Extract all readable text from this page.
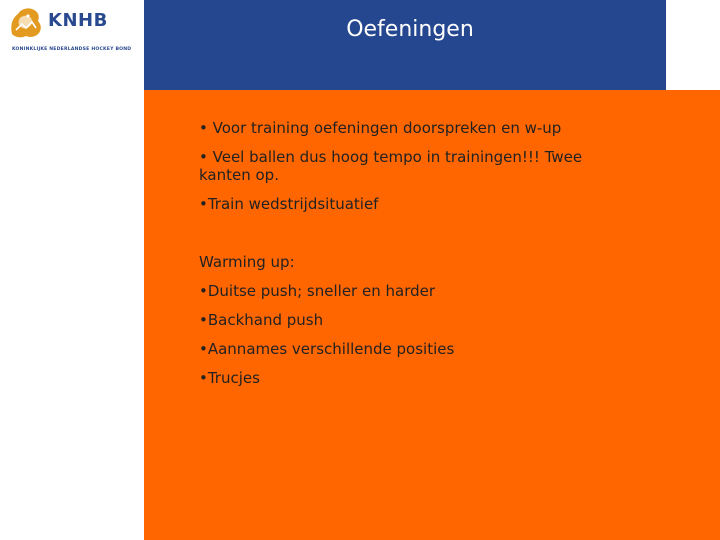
KNHB
KONINKLIJKE NEDERLANDSE HOCKEY BOND
Oefeningen

• Voor training oefeningen doorspreken en w-up

• Veel ballen dus hoog tempo in trainingen!!! Twee kanten op.

•Train wedstrijdsituatief

Warming up:

•Duitse push; sneller en harder

•Backhand push

•Aannames verschillende posities

•Trucjes
